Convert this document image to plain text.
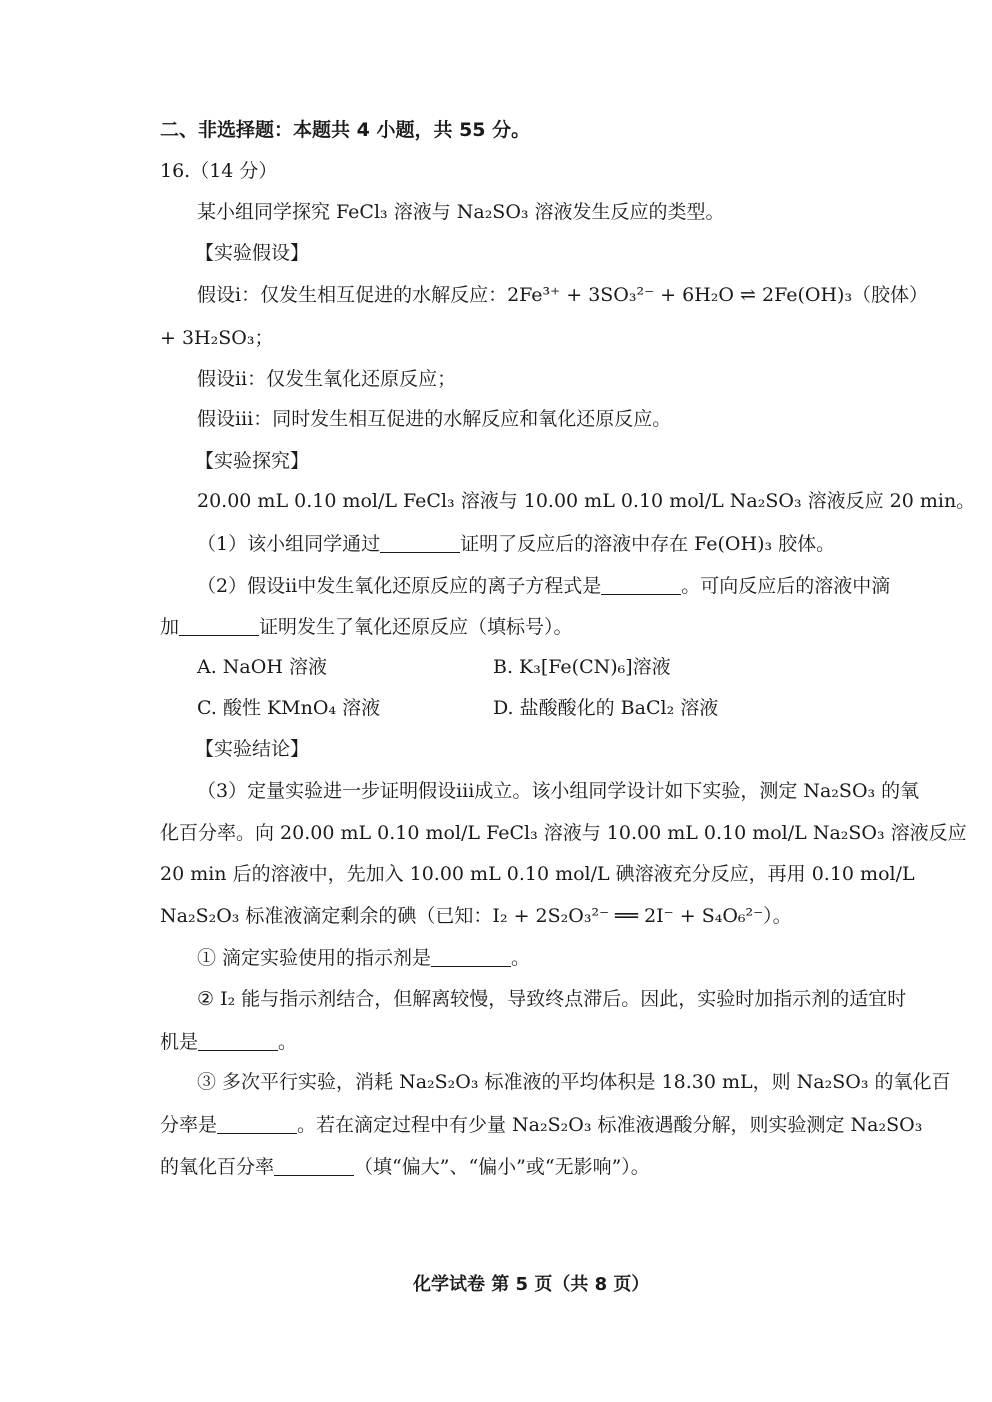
二、非选择题：本题共 4 小题，共 55 分。
16.（14 分）
某小组同学探究 FeCl₃ 溶液与 Na₂SO₃ 溶液发生反应的类型。
【实验假设】
假设ⅰ：仅发生相互促进的水解反应：2Fe³⁺ + 3SO₃²⁻ + 6H₂O ⇌ 2Fe(OH)₃（胶体）
+ 3H₂SO₃；
假设ⅱ：仅发生氧化还原反应；
假设ⅲ：同时发生相互促进的水解反应和氧化还原反应。
【实验探究】
20.00 mL 0.10 mol/L FeCl₃ 溶液与 10.00 mL 0.10 mol/L Na₂SO₃ 溶液反应 20 min。
（1）该小组同学通过	证明了反应后的溶液中存在 Fe(OH)₃ 胶体。
（2）假设ⅱ中发生氧化还原反应的离子方程式是	。可向反应后的溶液中滴
加	证明发生了氧化还原反应（填标号）。
A. NaOH 溶液	B. K₃[Fe(CN)₆]溶液
C. 酸性 KMnO₄ 溶液	D. 盐酸酸化的 BaCl₂ 溶液
【实验结论】
（3）定量实验进一步证明假设ⅲ成立。该小组同学设计如下实验，测定 Na₂SO₃ 的氧
化百分率。向 20.00 mL 0.10 mol/L FeCl₃ 溶液与 10.00 mL 0.10 mol/L Na₂SO₃ 溶液反应
20 min 后的溶液中，先加入 10.00 mL 0.10 mol/L 碘溶液充分反应，再用 0.10 mol/L
Na₂S₂O₃ 标准液滴定剩余的碘（已知：I₂ + 2S₂O₃²⁻ ══ 2I⁻ + S₄O₆²⁻）。
① 滴定实验使用的指示剂是	。
② I₂ 能与指示剂结合，但解离较慢，导致终点滞后。因此，实验时加指示剂的适宜时
机是	。
③ 多次平行实验，消耗 Na₂S₂O₃ 标准液的平均体积是 18.30 mL，则 Na₂SO₃ 的氧化百
分率是	。若在滴定过程中有少量 Na₂S₂O₃ 标准液遇酸分解，则实验测定 Na₂SO₃
的氧化百分率	（填“偏大”、“偏小”或“无影响”）。
化学试卷 第 5 页（共 8 页）
